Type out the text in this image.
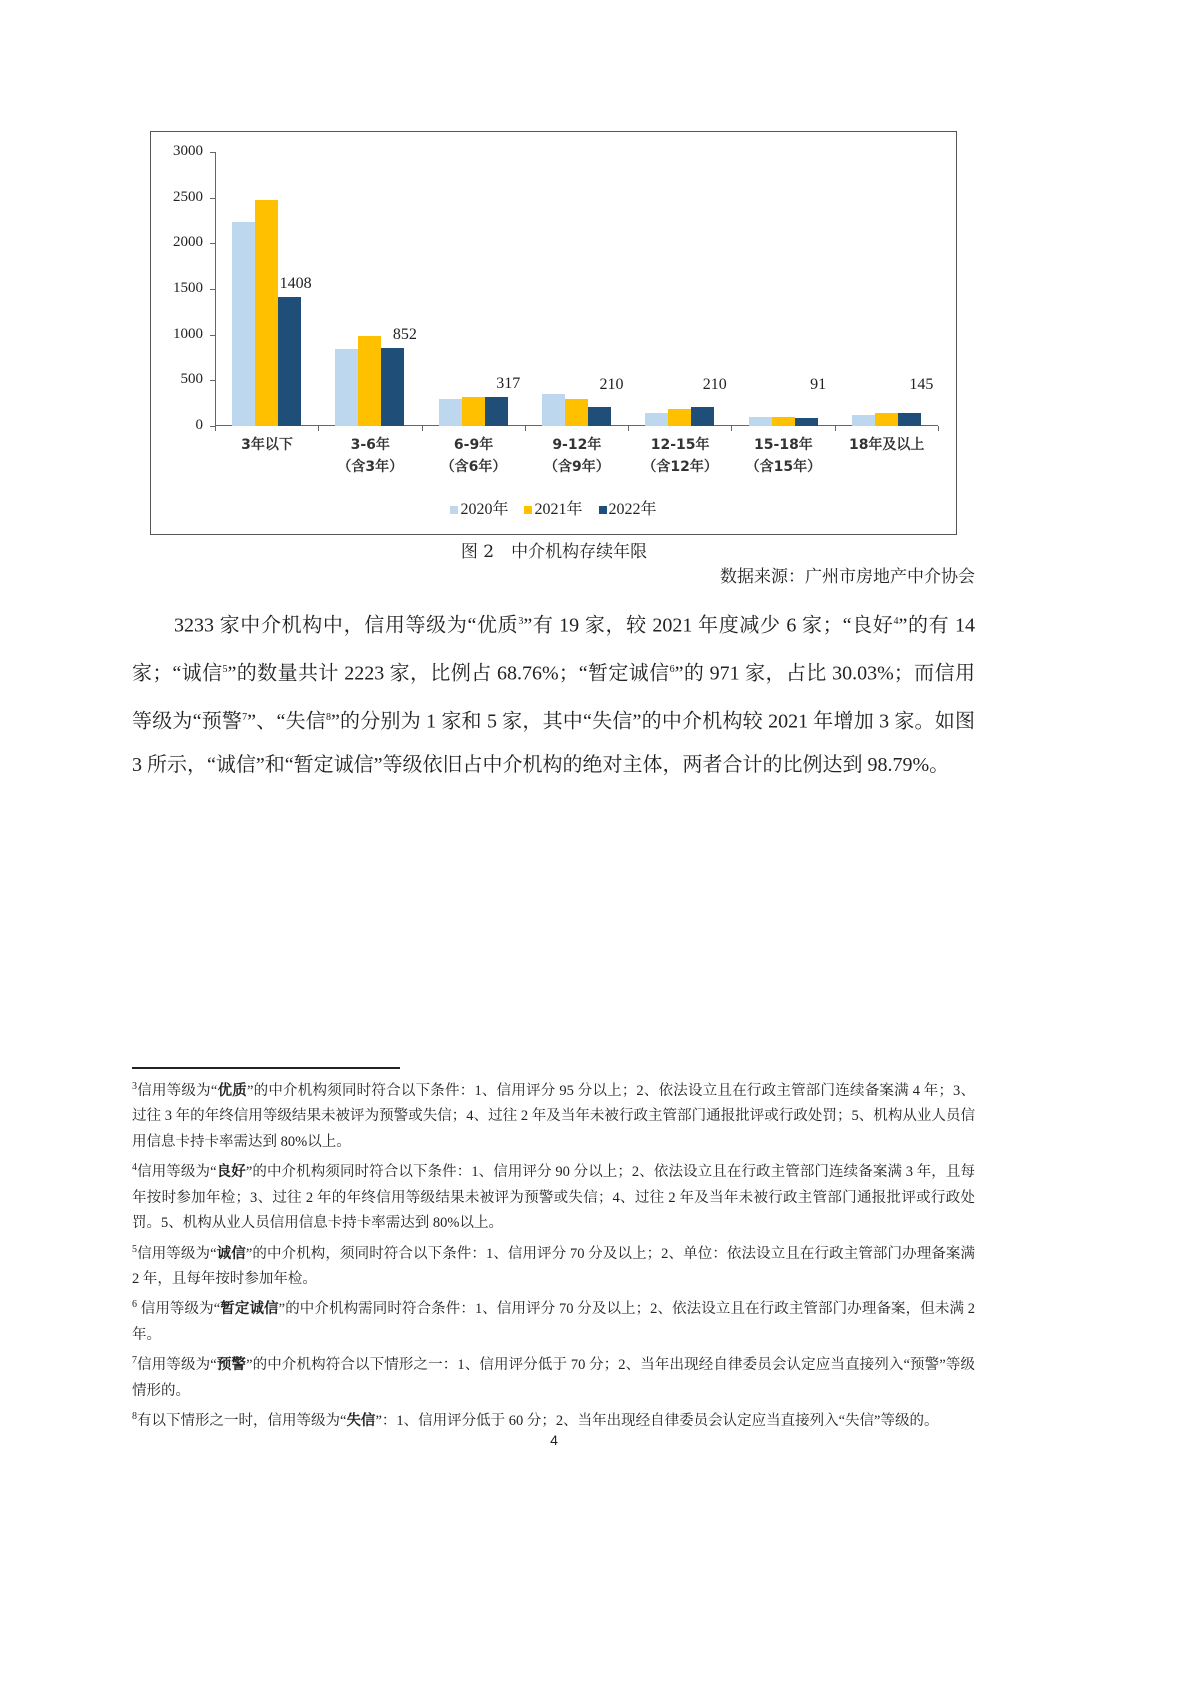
0
500
1000
1500
2000
2500
3000
1408
3年以下
852
3-6年
（含3年）
317
6-9年
（含6年）
210
9-12年
（含9年）
210
12-15年
（含12年）
91
15-18年
（含15年）
145
18年及以上
2020年 2021年 2022年
图 2　中介机构存续年限
数据来源：广州市房地产中介协会
3233 家中介机构中，信用等级为“优质$^3$”有 19 家，较 2021 年度减少 6 家；“良好$^4$”的有 14 家；“诚信$^5$”的数量共计 2223 家，比例占 68.76%；“暂定诚信$^6$”的 971 家，占比 30.03%；而信用等级为“预警$^7$”、“失信$^8$”的分别为 1 家和 5 家，其中“失信”的中介机构较 2021 年增加 3 家。如图 3 所示，“诚信”和“暂定诚信”等级依旧占中介机构的绝对主体，两者合计的比例达到 98.79%。

$^3$信用等级为“优质”的中介机构须同时符合以下条件：1、信用评分 95 分以上；2、依法设立且在行政主管部门连续备案满 4 年；3、过往 3 年的年终信用等级结果未被评为预警或失信；4、过往 2 年及当年未被行政主管部门通报批评或行政处罚；5、机构从业人员信用信息卡持卡率需达到 80%以上。

$^4$信用等级为“良好”的中介机构须同时符合以下条件：1、信用评分 90 分以上；2、依法设立且在行政主管部门连续备案满 3 年，且每年按时参加年检；3、过往 2 年的年终信用等级结果未被评为预警或失信；4、过往 2 年及当年未被行政主管部门通报批评或行政处罚。5、机构从业人员信用信息卡持卡率需达到 80%以上。

$^5$信用等级为“诚信”的中介机构，须同时符合以下条件：1、信用评分 70 分及以上；2、单位：依法设立且在行政主管部门办理备案满 2 年，且每年按时参加年检。

$^6$ 信用等级为“暂定诚信”的中介机构需同时符合条件：1、信用评分 70 分及以上；2、依法设立且在行政主管部门办理备案，但未满 2 年。

$^7$信用等级为“预警”的中介机构符合以下情形之一：1、信用评分低于 70 分；2、当年出现经自律委员会认定应当直接列入“预警”等级情形的。

$^8$有以下情形之一时，信用等级为“失信”：1、信用评分低于 60 分；2、当年出现经自律委员会认定应当直接列入“失信”等级的。

4
